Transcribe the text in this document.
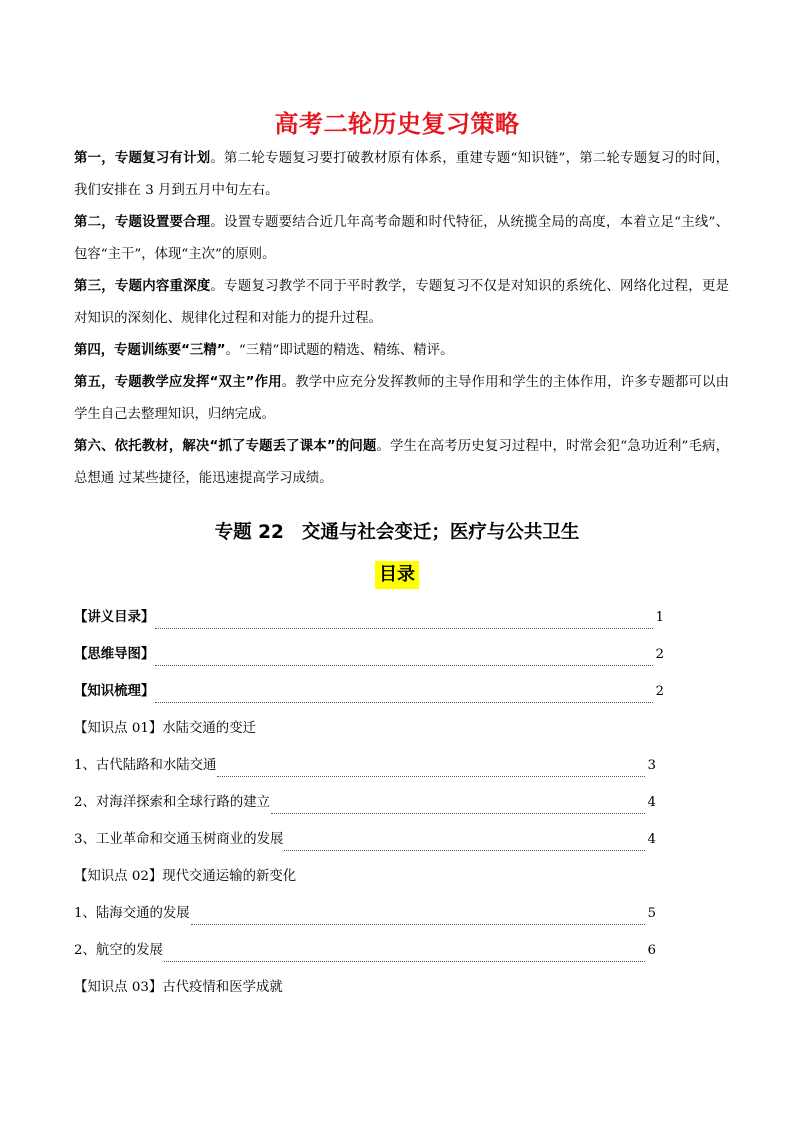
高考二轮历史复习策略

第一，专题复习有计划。第二轮专题复习要打破教材原有体系，重建专题“知识链”，第二轮专题复习的时间，我们安排在 3 月到五月中旬左右。

第二，专题设置要合理。设置专题要结合近几年高考命题和时代特征，从统揽全局的高度，本着立足“主线”、包容“主干”，体现“主次”的原则。

第三，专题内容重深度。专题复习教学不同于平时教学，专题复习不仅是对知识的系统化、网络化过程，更是对知识的深刻化、规律化过程和对能力的提升过程。

第四，专题训练要“三精”。“三精”即试题的精选、精练、精评。

第五，专题教学应发挥“双主”作用。教学中应充分发挥教师的主导作用和学生的主体作用，许多专题都可以由学生自己去整理知识，归纳完成。

第六、依托教材，解决“抓了专题丢了课本”的问题。学生在高考历史复习过程中，时常会犯“急功近利”毛病，总想通 过某些捷径，能迅速提高学习成绩。

专题 22 交通与社会变迁；医疗与公共卫生
目录
【讲义目录】	1
【思维导图】	2
【知识梳理】	2
【知识点 01】水陆交通的变迁
1、古代陆路和水陆交通	3
2、对海洋探索和全球行路的建立	4
3、工业革命和交通玉树商业的发展	4
【知识点 02】现代交通运输的新变化
1、陆海交通的发展	5
2、航空的发展	6
【知识点 03】古代疫情和医学成就
